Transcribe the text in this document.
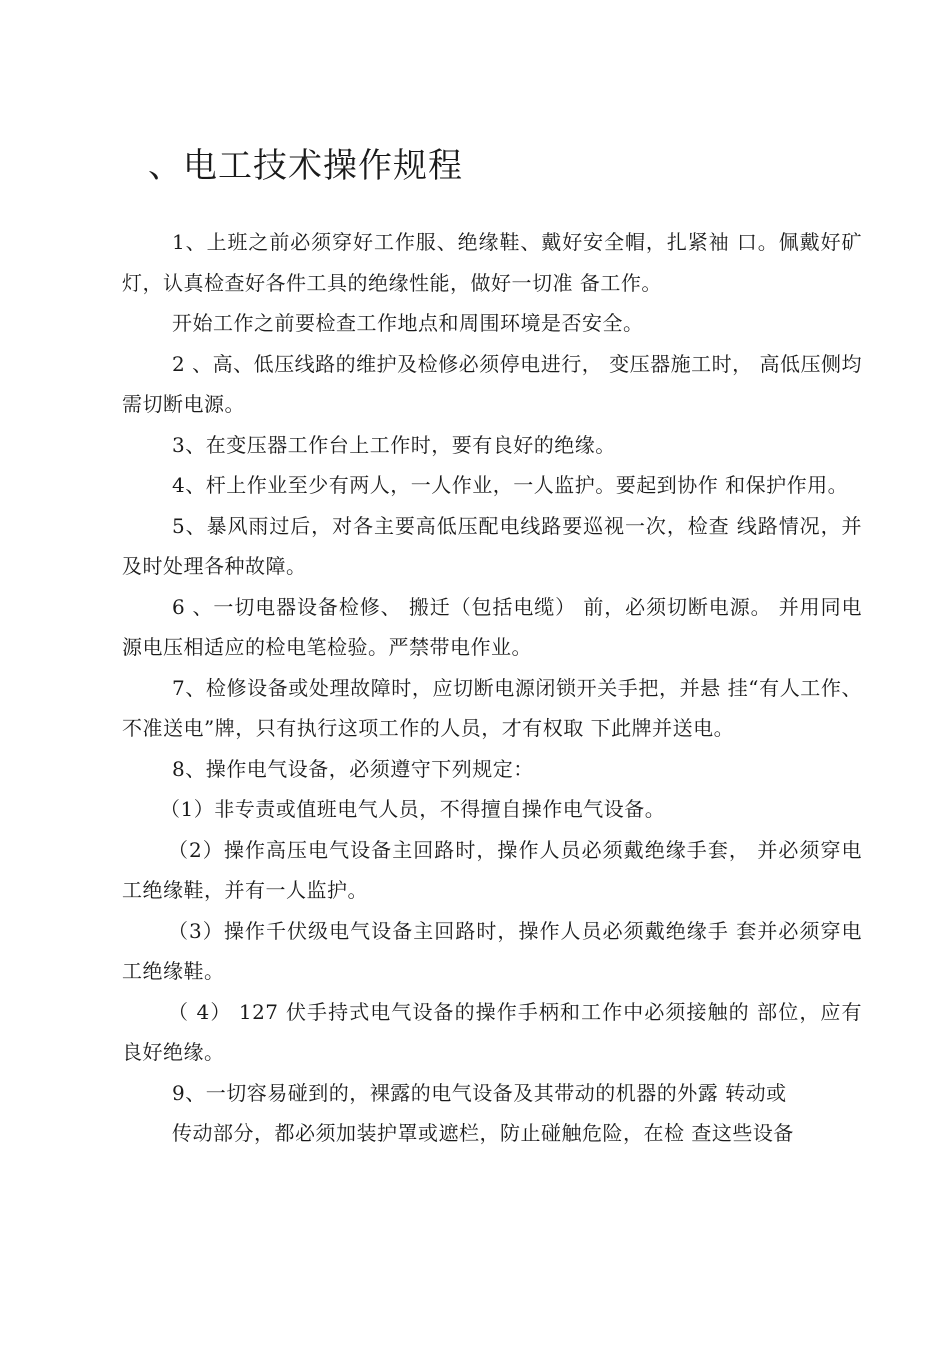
、电工技术操作规程

1、上班之前必须穿好工作服、绝缘鞋、戴好安全帽，扎紧袖 口。佩戴好矿灯，认真检查好各件工具的绝缘性能，做好一切准 备工作。

开始工作之前要检查工作地点和周围环境是否安全。

2 、高、低压线路的维护及检修必须停电进行， 变压器施工时， 高低压侧均需切断电源。

3、在变压器工作台上工作时，要有良好的绝缘。

4、杆上作业至少有两人，一人作业，一人监护。要起到协作 和保护作用。

5、暴风雨过后，对各主要高低压配电线路要巡视一次，检查 线路情况，并及时处理各种故障。

6 、一切电器设备检修、 搬迁（包括电缆） 前，必须切断电源。 并用同电源电压相适应的检电笔检验。严禁带电作业。

7、检修设备或处理故障时，应切断电源闭锁开关手把，并悬 挂“有人工作、不准送电”牌，只有执行这项工作的人员，才有权取 下此牌并送电。

8、操作电气设备，必须遵守下列规定：

（1）非专责或值班电气人员，不得擅自操作电气设备。

（2）操作高压电气设备主回路时，操作人员必须戴绝缘手套， 并必须穿电工绝缘鞋，并有一人监护。

（3）操作千伏级电气设备主回路时，操作人员必须戴绝缘手 套并必须穿电工绝缘鞋。

（ 4） 127 伏手持式电气设备的操作手柄和工作中必须接触的 部位，应有良好绝缘。

9、一切容易碰到的，裸露的电气设备及其带动的机器的外露 转动或

传动部分，都必须加装护罩或遮栏，防止碰触危险，在检 查这些设备
